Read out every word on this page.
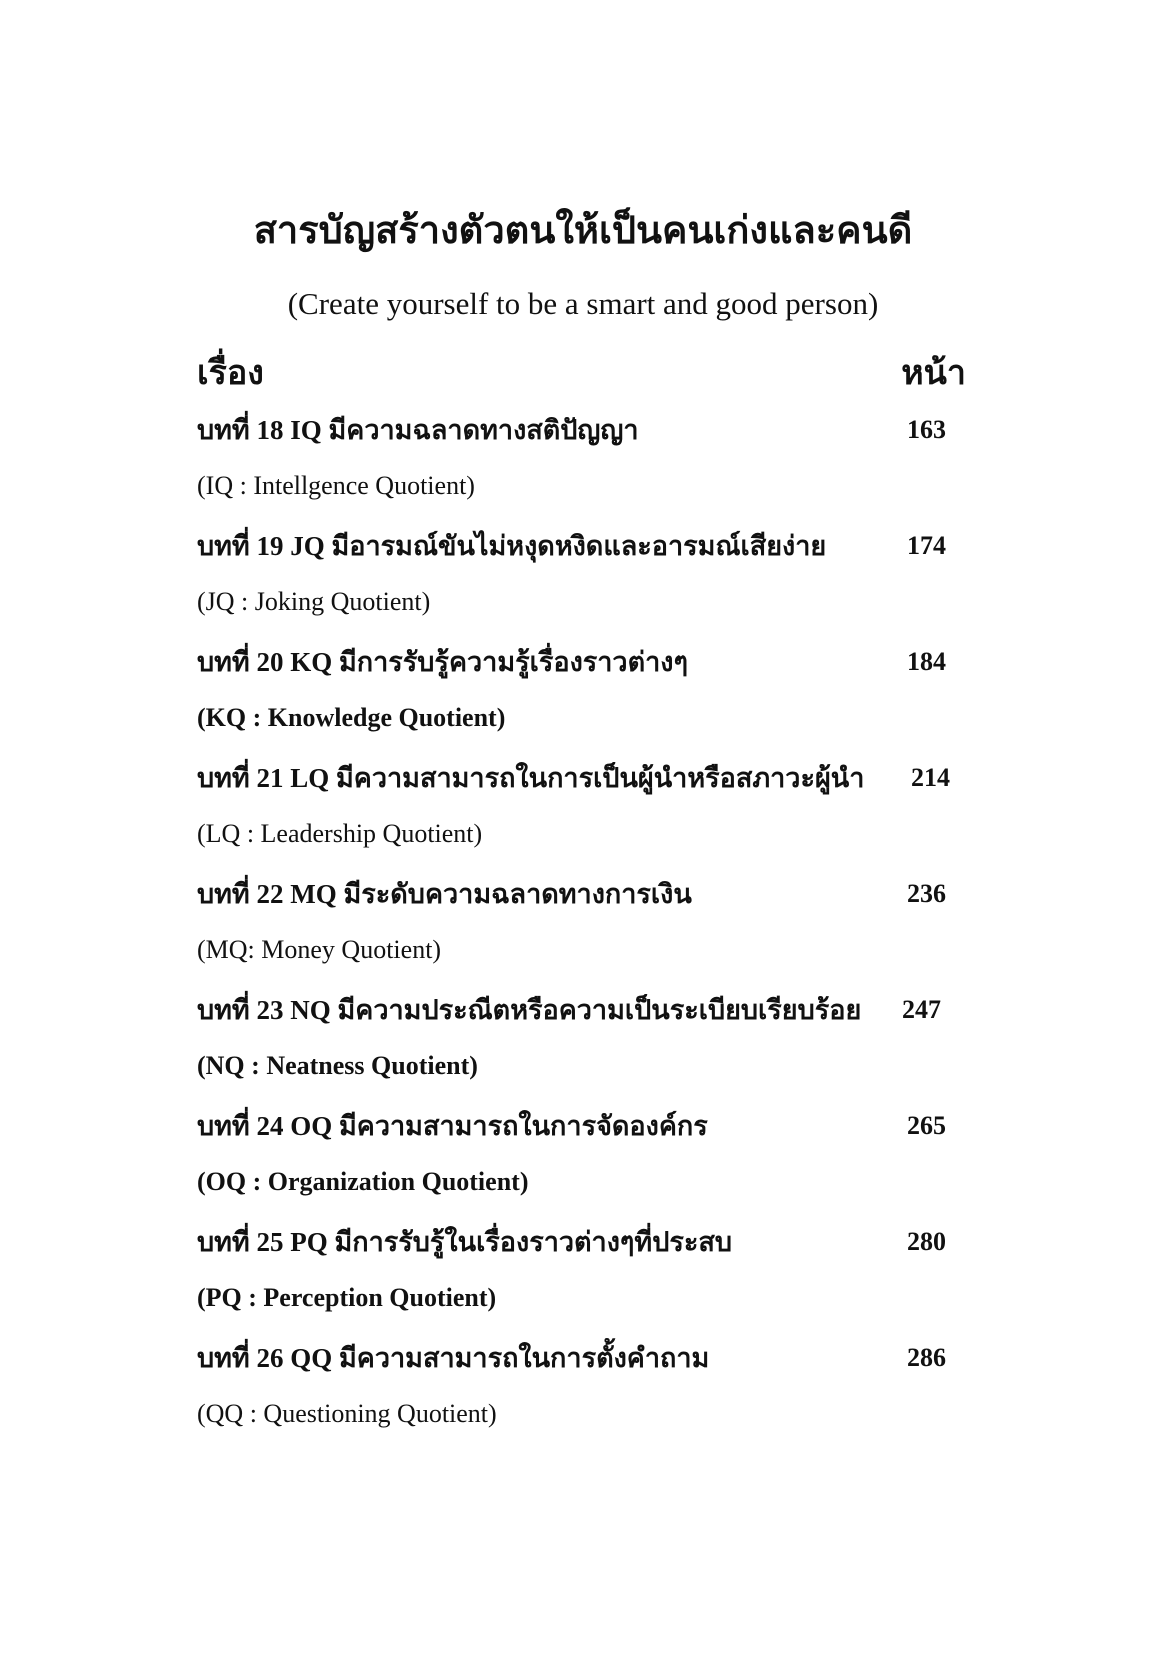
สารบัญสร้างตัวตนให้เป็นคนเก่งและคนดี
(Create yourself to be a smart and good person)
เรื่อง	หน้า
บทที่ 18 IQ มีความฉลาดทางสติปัญญา	163
(IQ : Intellgence Quotient)
บทที่ 19 JQ มีอารมณ์ขันไม่หงุดหงิดและอารมณ์เสียง่าย	174
(JQ : Joking Quotient)
บทที่ 20 KQ มีการรับรู้ความรู้เรื่องราวต่างๆ	184
(KQ : Knowledge Quotient)
บทที่ 21 LQ มีความสามารถในการเป็นผู้นำหรือสภาวะผู้นำ 214
(LQ : Leadership Quotient)
บทที่ 22 MQ มีระดับความฉลาดทางการเงิน	236
(MQ: Money Quotient)
บทที่ 23 NQ มีความประณีตหรือความเป็นระเบียบเรียบร้อย 247
(NQ : Neatness Quotient)
บทที่ 24 OQ มีความสามารถในการจัดองค์กร	265
(OQ : Organization Quotient)
บทที่ 25 PQ มีการรับรู้ในเรื่องราวต่างๆที่ประสบ	280
(PQ : Perception Quotient)
บทที่ 26 QQ มีความสามารถในการตั้งคำถาม	286
(QQ : Questioning Quotient)
